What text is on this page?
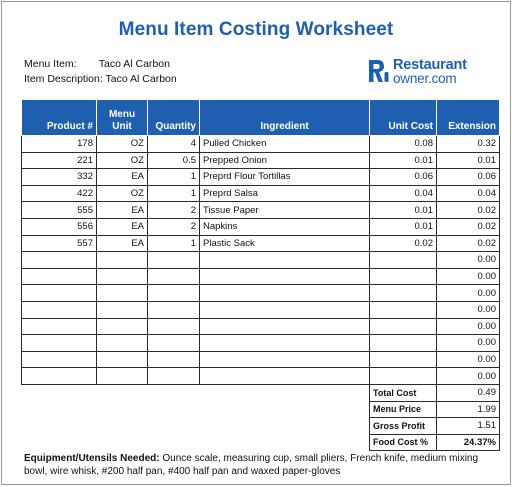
Menu Item Costing Worksheet
Menu Item: Taco Al Carbon
Item Description: Taco Al Carbon
Restaurant
owner.com
Product #	Menu Unit	Quantity	Ingredient	Unit Cost	Extension
178	OZ	4	Pulled Chicken	0.08	0.32
221	OZ	0.5	Prepped Onion	0.01	0.01
332	EA	1	Preprd Flour Tortillas	0.06	0.06
422	OZ	1	Preprd Salsa	0.04	0.04
555	EA	2	Tissue Paper	0.01	0.02
556	EA	2	Napkins	0.01	0.02
557	EA	1	Plastic Sack	0.02	0.02
					0.00
					0.00
					0.00
					0.00
					0.00
					0.00
					0.00
					0.00
				Total Cost	0.49
				Menu Price	1.99
				Gross Profit	1.51
				Food Cost %	24.37%
Equipment/Utensils Needed: Ounce scale, measuring cup, small pliers, French knife, medium mixing bowl, wire whisk, #200 half pan, #400 half pan and waxed paper-gloves
